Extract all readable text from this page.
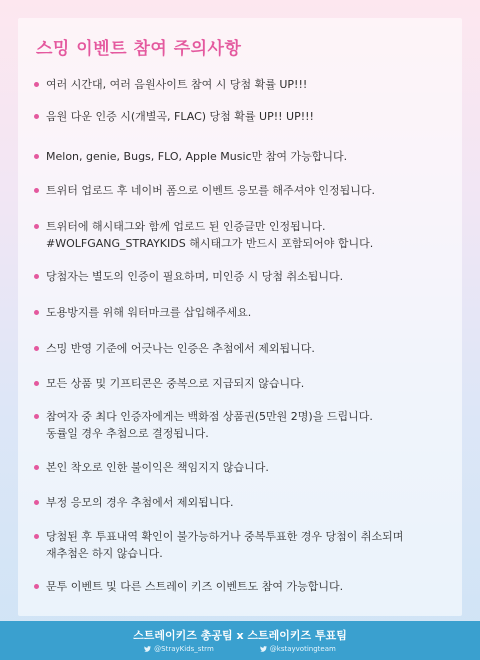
스밍 이벤트 참여 주의사항
여러 시간대, 여러 음원사이트 참여 시 당첨 확률 UP!!!
음원 다운 인증 시(개별곡, FLAC) 당첨 확률 UP!! UP!!!
Melon, genie, Bugs, FLO, Apple Music만 참여 가능합니다.
트위터 업로드 후 네이버 폼으로 이벤트 응모를 해주셔야 인정됩니다.
트위터에 해시태그와 함께 업로드 된 인증글만 인정됩니다.
#WOLFGANG_STRAYKIDS 해시태그가 반드시 포함되어야 합니다.
당첨자는 별도의 인증이 필요하며, 미인증 시 당첨 취소됩니다.
도용방지를 위해 워터마크를 삽입해주세요.
스밍 반영 기준에 어긋나는 인증은 추첨에서 제외됩니다.
모든 상품 및 기프티콘은 중복으로 지급되지 않습니다.
참여자 중 최다 인증자에게는 백화점 상품권(5만원 2명)을 드립니다.
동률일 경우 추첨으로 결정됩니다.
본인 착오로 인한 불이익은 책임지지 않습니다.
부정 응모의 경우 추첨에서 제외됩니다.
당첨된 후 투표내역 확인이 불가능하거나 중복투표한 경우 당첨이 취소되며
재추첨은 하지 않습니다.
문투 이벤트 및 다른 스트레이 키즈 이벤트도 참여 가능합니다.
스트레이키즈 총공팀 x 스트레이키즈 투표팀
@StrayKids_strm	@kstayvotingteam
